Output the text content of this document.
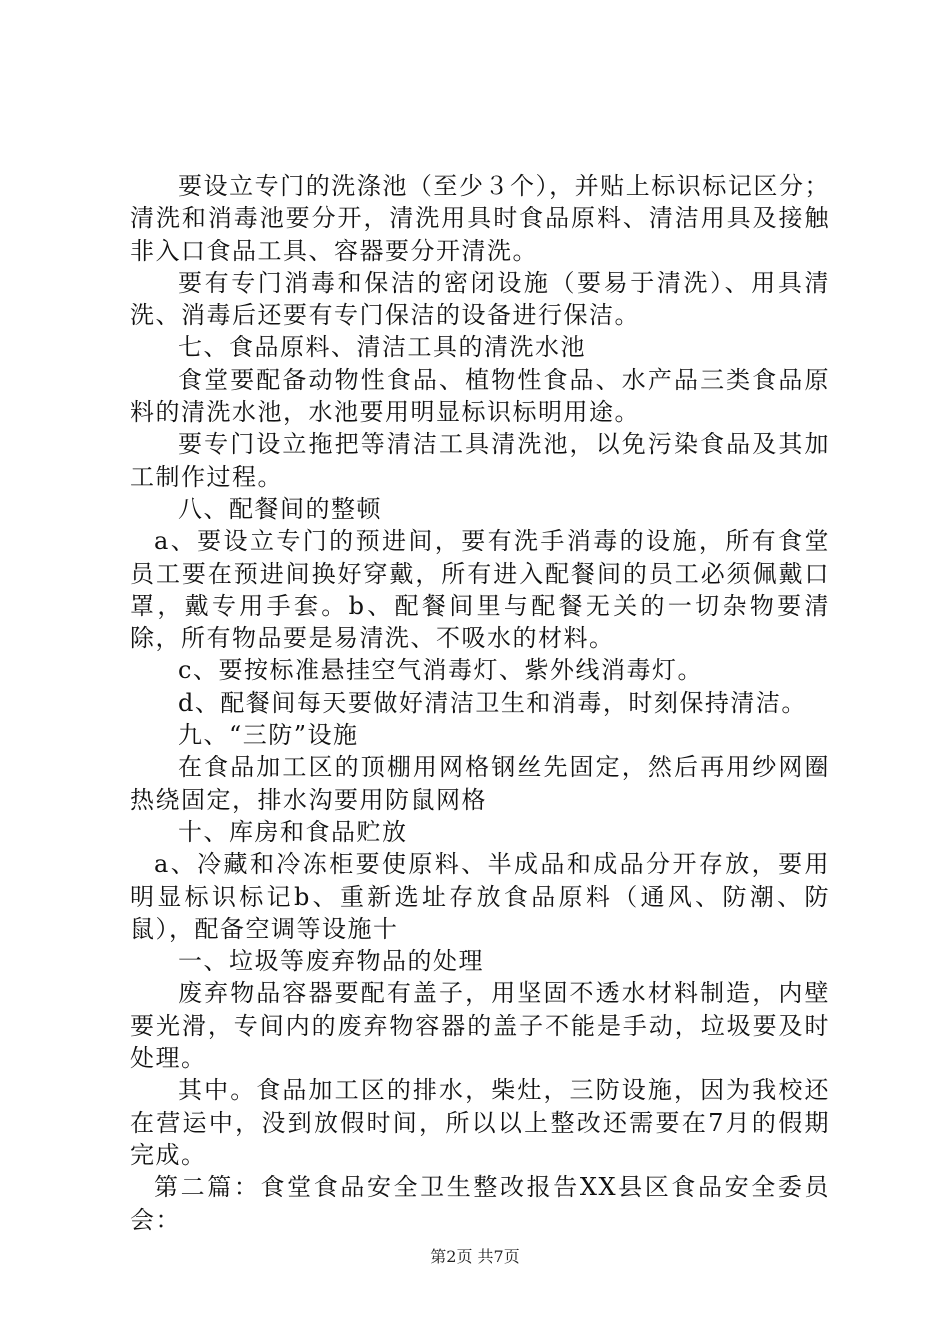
要设立专门的洗涤池（至少３个），并贴上标识标记区分；清洗和消毒池要分开，清洗用具时食品原料、清洁用具及接触非入口食品工具、容器要分开清洗。

要有专门消毒和保洁的密闭设施（要易于清洗）、用具清洗、消毒后还要有专门保洁的设备进行保洁。

七、食品原料、清洁工具的清洗水池

食堂要配备动物性食品、植物性食品、水产品三类食品原料的清洗水池，水池要用明显标识标明用途。

要专门设立拖把等清洁工具清洗池，以免污染食品及其加工制作过程。

八、配餐间的整顿

a、要设立专门的预进间，要有洗手消毒的设施，所有食堂员工要在预进间换好穿戴，所有进入配餐间的员工必须佩戴口罩，戴专用手套。b、配餐间里与配餐无关的一切杂物要清除，所有物品要是易清洗、不吸水的材料。

c、要按标准悬挂空气消毒灯、紫外线消毒灯。

d、配餐间每天要做好清洁卫生和消毒，时刻保持清洁。

九、“三防”设施

在食品加工区的顶棚用网格钢丝先固定，然后再用纱网圈热绕固定，排水沟要用防鼠网格

十、库房和食品贮放

a、冷藏和冷冻柜要使原料、半成品和成品分开存放，要用明显标识标记b、重新选址存放食品原料（通风、防潮、防鼠），配备空调等设施十

一、垃圾等废弃物品的处理

废弃物品容器要配有盖子，用坚固不透水材料制造，内壁要光滑，专间内的废弃物容器的盖子不能是手动，垃圾要及时处理。

其中。食品加工区的排水，柴灶，三防设施，因为我校还在营运中，没到放假时间，所以以上整改还需要在7月的假期完成。

第二篇：食堂食品安全卫生整改报告XX县区食品安全委员会：

第2页 共7页
